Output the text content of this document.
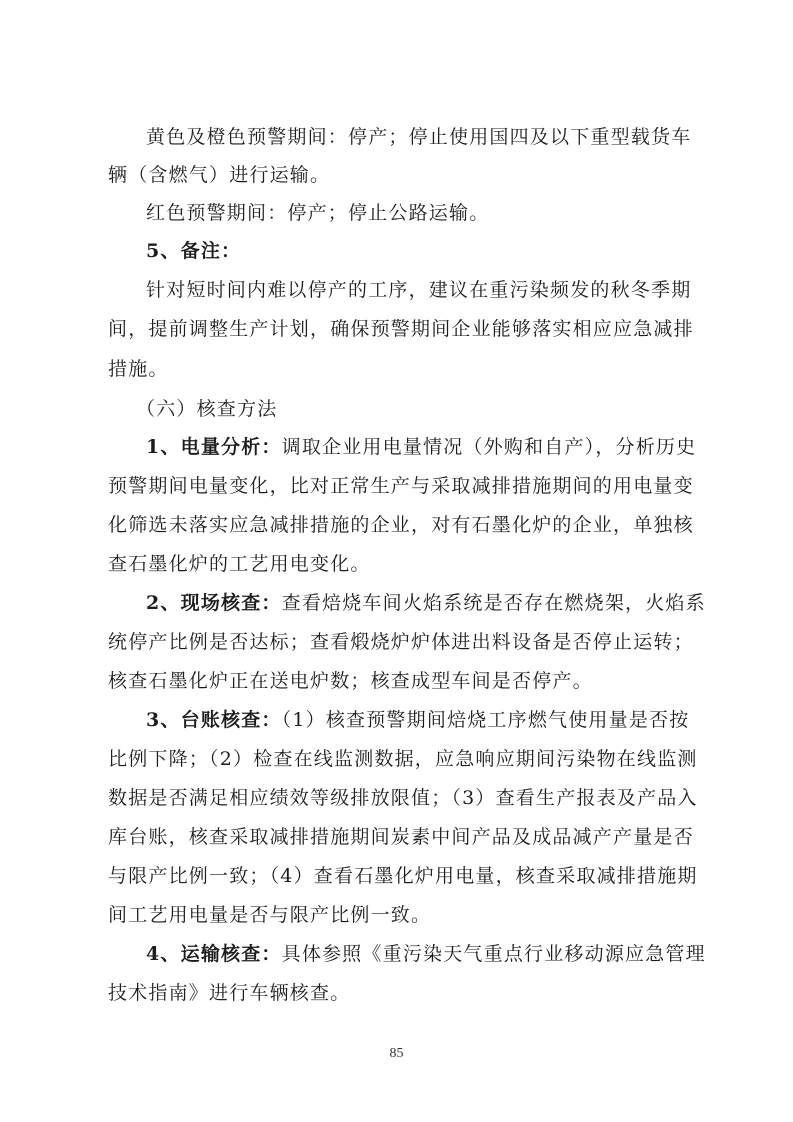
黄色及橙色预警期间：停产；停止使用国四及以下重型载货车
辆（含燃气）进行运输。
红色预警期间：停产；停止公路运输。
5、备注：
针对短时间内难以停产的工序，建议在重污染频发的秋冬季期
间，提前调整生产计划，确保预警期间企业能够落实相应应急减排
措施。
（六）核查方法
1、电量分析：调取企业用电量情况（外购和自产），分析历史
预警期间电量变化，比对正常生产与采取减排措施期间的用电量变
化筛选未落实应急减排措施的企业，对有石墨化炉的企业，单独核
查石墨化炉的工艺用电变化。
2、现场核查：查看焙烧车间火焰系统是否存在燃烧架，火焰系
统停产比例是否达标；查看煅烧炉炉体进出料设备是否停止运转；
核查石墨化炉正在送电炉数；核查成型车间是否停产。
3、台账核查：（1）核查预警期间焙烧工序燃气使用量是否按
比例下降；（2）检查在线监测数据，应急响应期间污染物在线监测
数据是否满足相应绩效等级排放限值；（3）查看生产报表及产品入
库台账，核查采取减排措施期间炭素中间产品及成品减产产量是否
与限产比例一致；（4）查看石墨化炉用电量，核查采取减排措施期
间工艺用电量是否与限产比例一致。
4、运输核查：具体参照《重污染天气重点行业移动源应急管理
技术指南》进行车辆核查。
85
